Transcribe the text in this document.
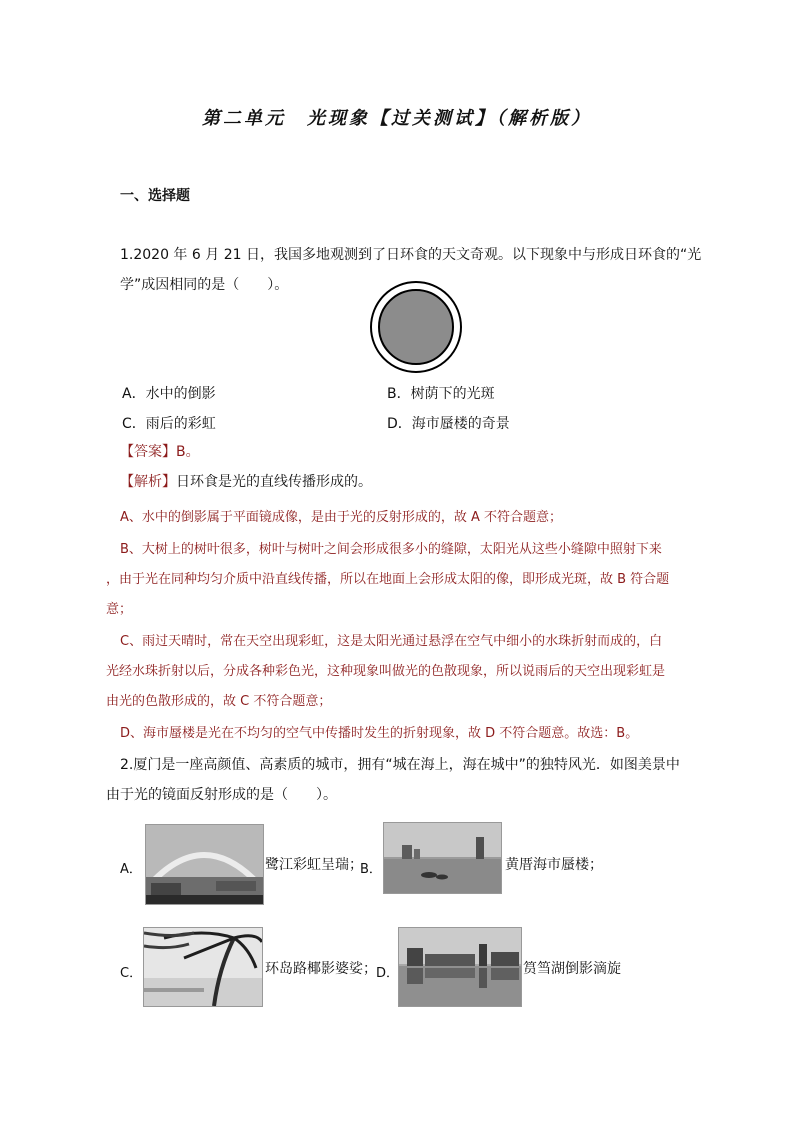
第二单元　光现象【过关测试】（解析版）
一、选择题
1.2020 年 6 月 21 日，我国多地观测到了日环食的天文奇观。以下现象中与形成日环食的“光
学”成因相同的是（　　）。
A．水中的倒影	B．树荫下的光斑
C．雨后的彩虹	D．海市蜃楼的奇景
【答案】B。
【解析】日环食是光的直线传播形成的。
A、水中的倒影属于平面镜成像，是由于光的反射形成的，故 A 不符合题意；
B、大树上的树叶很多，树叶与树叶之间会形成很多小的缝隙，太阳光从这些小缝隙中照射下来
，由于光在同种均匀介质中沿直线传播，所以在地面上会形成太阳的像，即形成光斑，故 B 符合题
意；
C、雨过天晴时，常在天空出现彩虹，这是太阳光通过悬浮在空气中细小的水珠折射而成的，白
光经水珠折射以后，分成各种彩色光，这种现象叫做光的色散现象，所以说雨后的天空出现彩虹是
由光的色散形成的，故 C 不符合题意；
D、海市蜃楼是光在不均匀的空气中传播时发生的折射现象，故 D 不符合题意。故选：B。
2.厦门是一座高颜值、高素质的城市，拥有“城在海上，海在城中”的独特风光．如图美景中
由于光的镜面反射形成的是（　　）。
A．	鹭江彩虹呈瑞；
B．	黄厝海市蜃楼；
C．	环岛路椰影婆娑； D．	筼筜湖倒影滴旋
